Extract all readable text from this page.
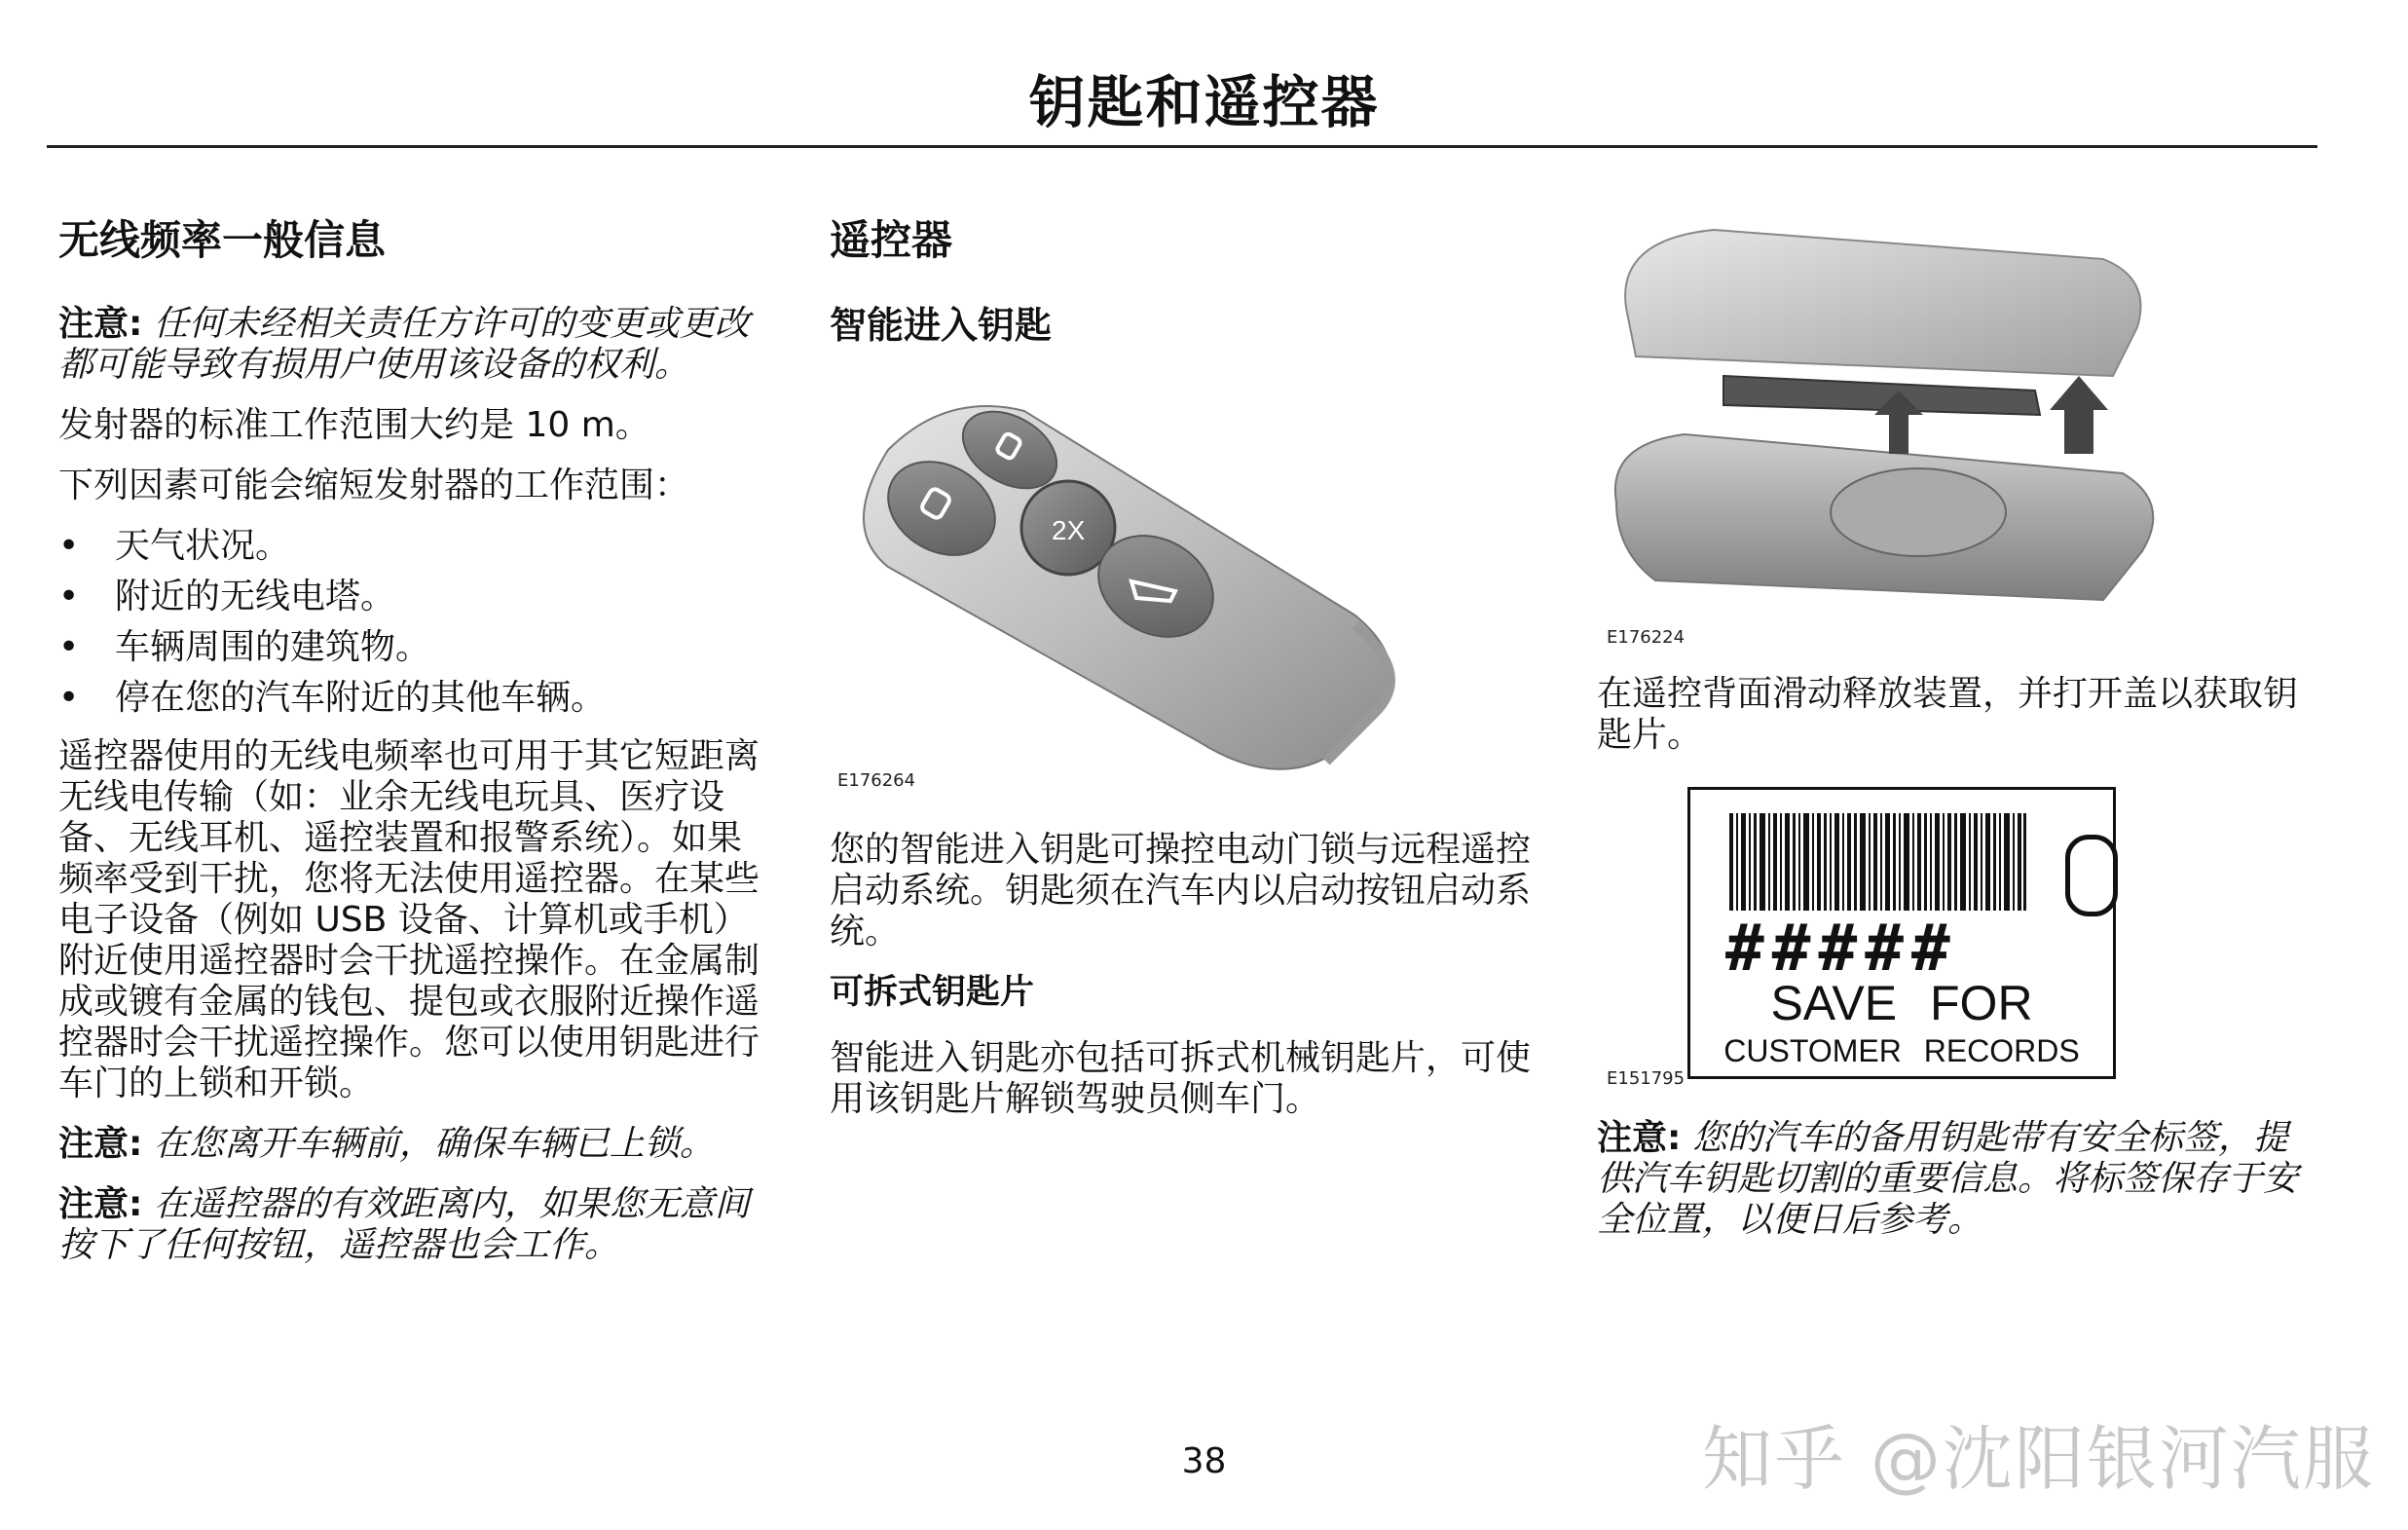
钥匙和遥控器
无线频率一般信息

注意: 任何未经相关责任方许可的变更或更改都可能导致有损用户使用该设备的权利。

发射器的标准工作范围大约是 10 m。

下列因素可能会缩短发射器的工作范围：

• 天气状况。
• 附近的无线电塔。
• 车辆周围的建筑物。
• 停在您的汽车附近的其他车辆。

遥控器使用的无线电频率也可用于其它短距离无线电传输（如：业余无线电玩具、医疗设备、无线耳机、遥控装置和报警系统）。如果频率受到干扰，您将无法使用遥控器。在某些电子设备（例如 USB 设备、计算机或手机）附近使用遥控器时会干扰遥控操作。在金属制成或镀有金属的钱包、提包或衣服附近操作遥控器时会干扰遥控操作。您可以使用钥匙进行车门的上锁和开锁。

注意: 在您离开车辆前，确保车辆已上锁。

注意: 在遥控器的有效距离内，如果您无意间按下了任何按钮，遥控器也会工作。

遥控器
智能进入钥匙
2X
E176264

您的智能进入钥匙可操控电动门锁与远程遥控启动系统。钥匙须在汽车内以启动按钮启动系统。

可拆式钥匙片

智能进入钥匙亦包括可拆式机械钥匙片，可使用该钥匙片解锁驾驶员侧车门。

E176224

在遥控背面滑动释放装置，并打开盖以获取钥匙片。

#####
SAVE FOR
CUSTOMER RECORDS
E151795

注意: 您的汽车的备用钥匙带有安全标签，提供汽车钥匙切割的重要信息。将标签保存于安全位置，以便日后参考。

38	知乎 @沈阳银河汽服
